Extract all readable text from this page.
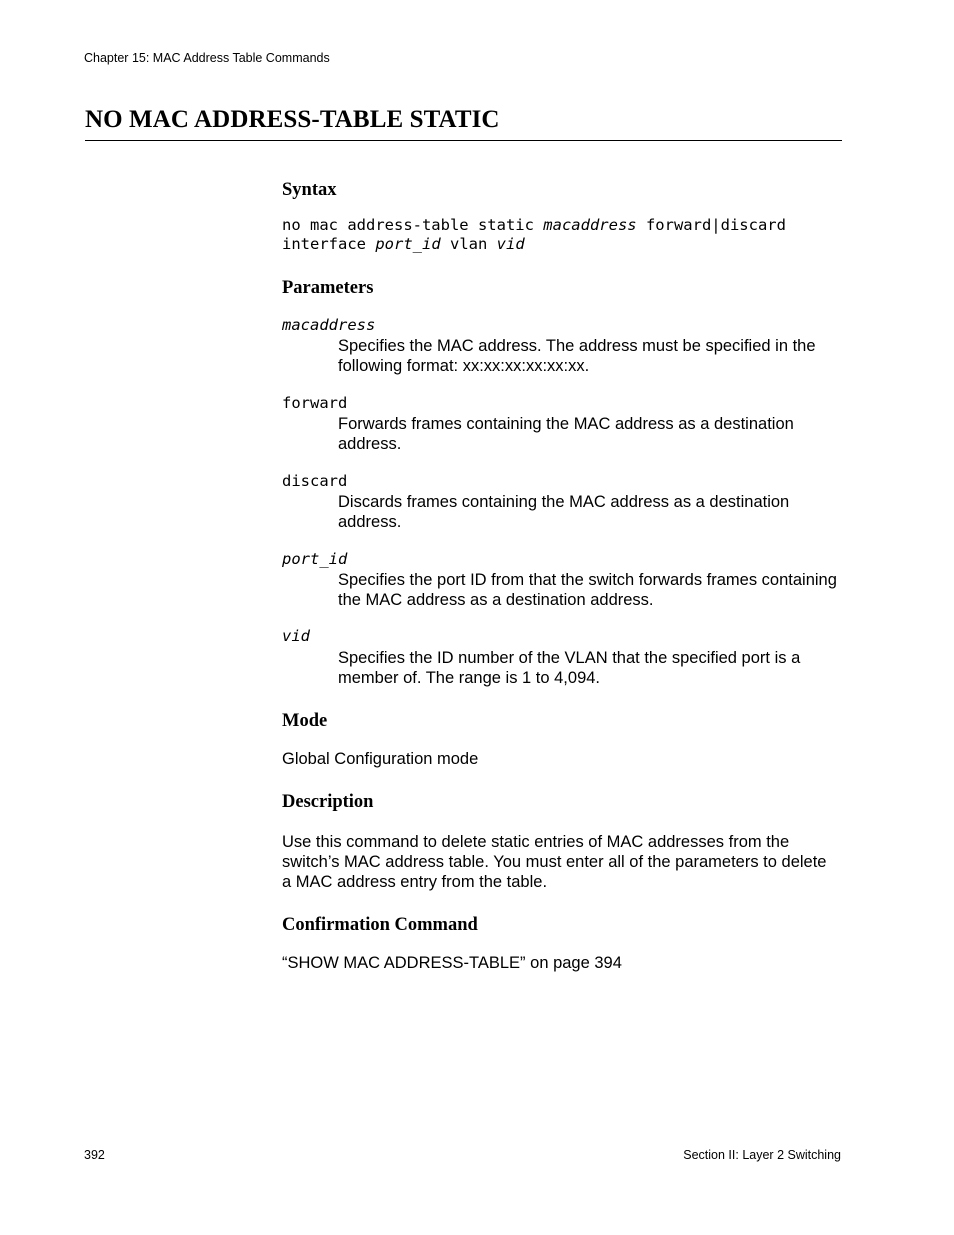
Chapter 15: MAC Address Table Commands
NO MAC ADDRESS-TABLE STATIC
Syntax
no mac address-table static macaddress forward|discard
interface port_id vlan vid
Parameters
macaddress
Specifies the MAC address. The address must be specified in the following format: xx:xx:xx:xx:xx:xx.
forward
Forwards frames containing the MAC address as a destination address.
discard
Discards frames containing the MAC address as a destination address.
port_id
Specifies the port ID from that the switch forwards frames containing the MAC address as a destination address.
vid
Specifies the ID number of the VLAN that the specified port is a member of. The range is 1 to 4,094.
Mode
Global Configuration mode
Description
Use this command to delete static entries of MAC addresses from the switch’s MAC address table. You must enter all of the parameters to delete a MAC address entry from the table.
Confirmation Command
“SHOW MAC ADDRESS-TABLE” on page 394
392	Section II: Layer 2 Switching
